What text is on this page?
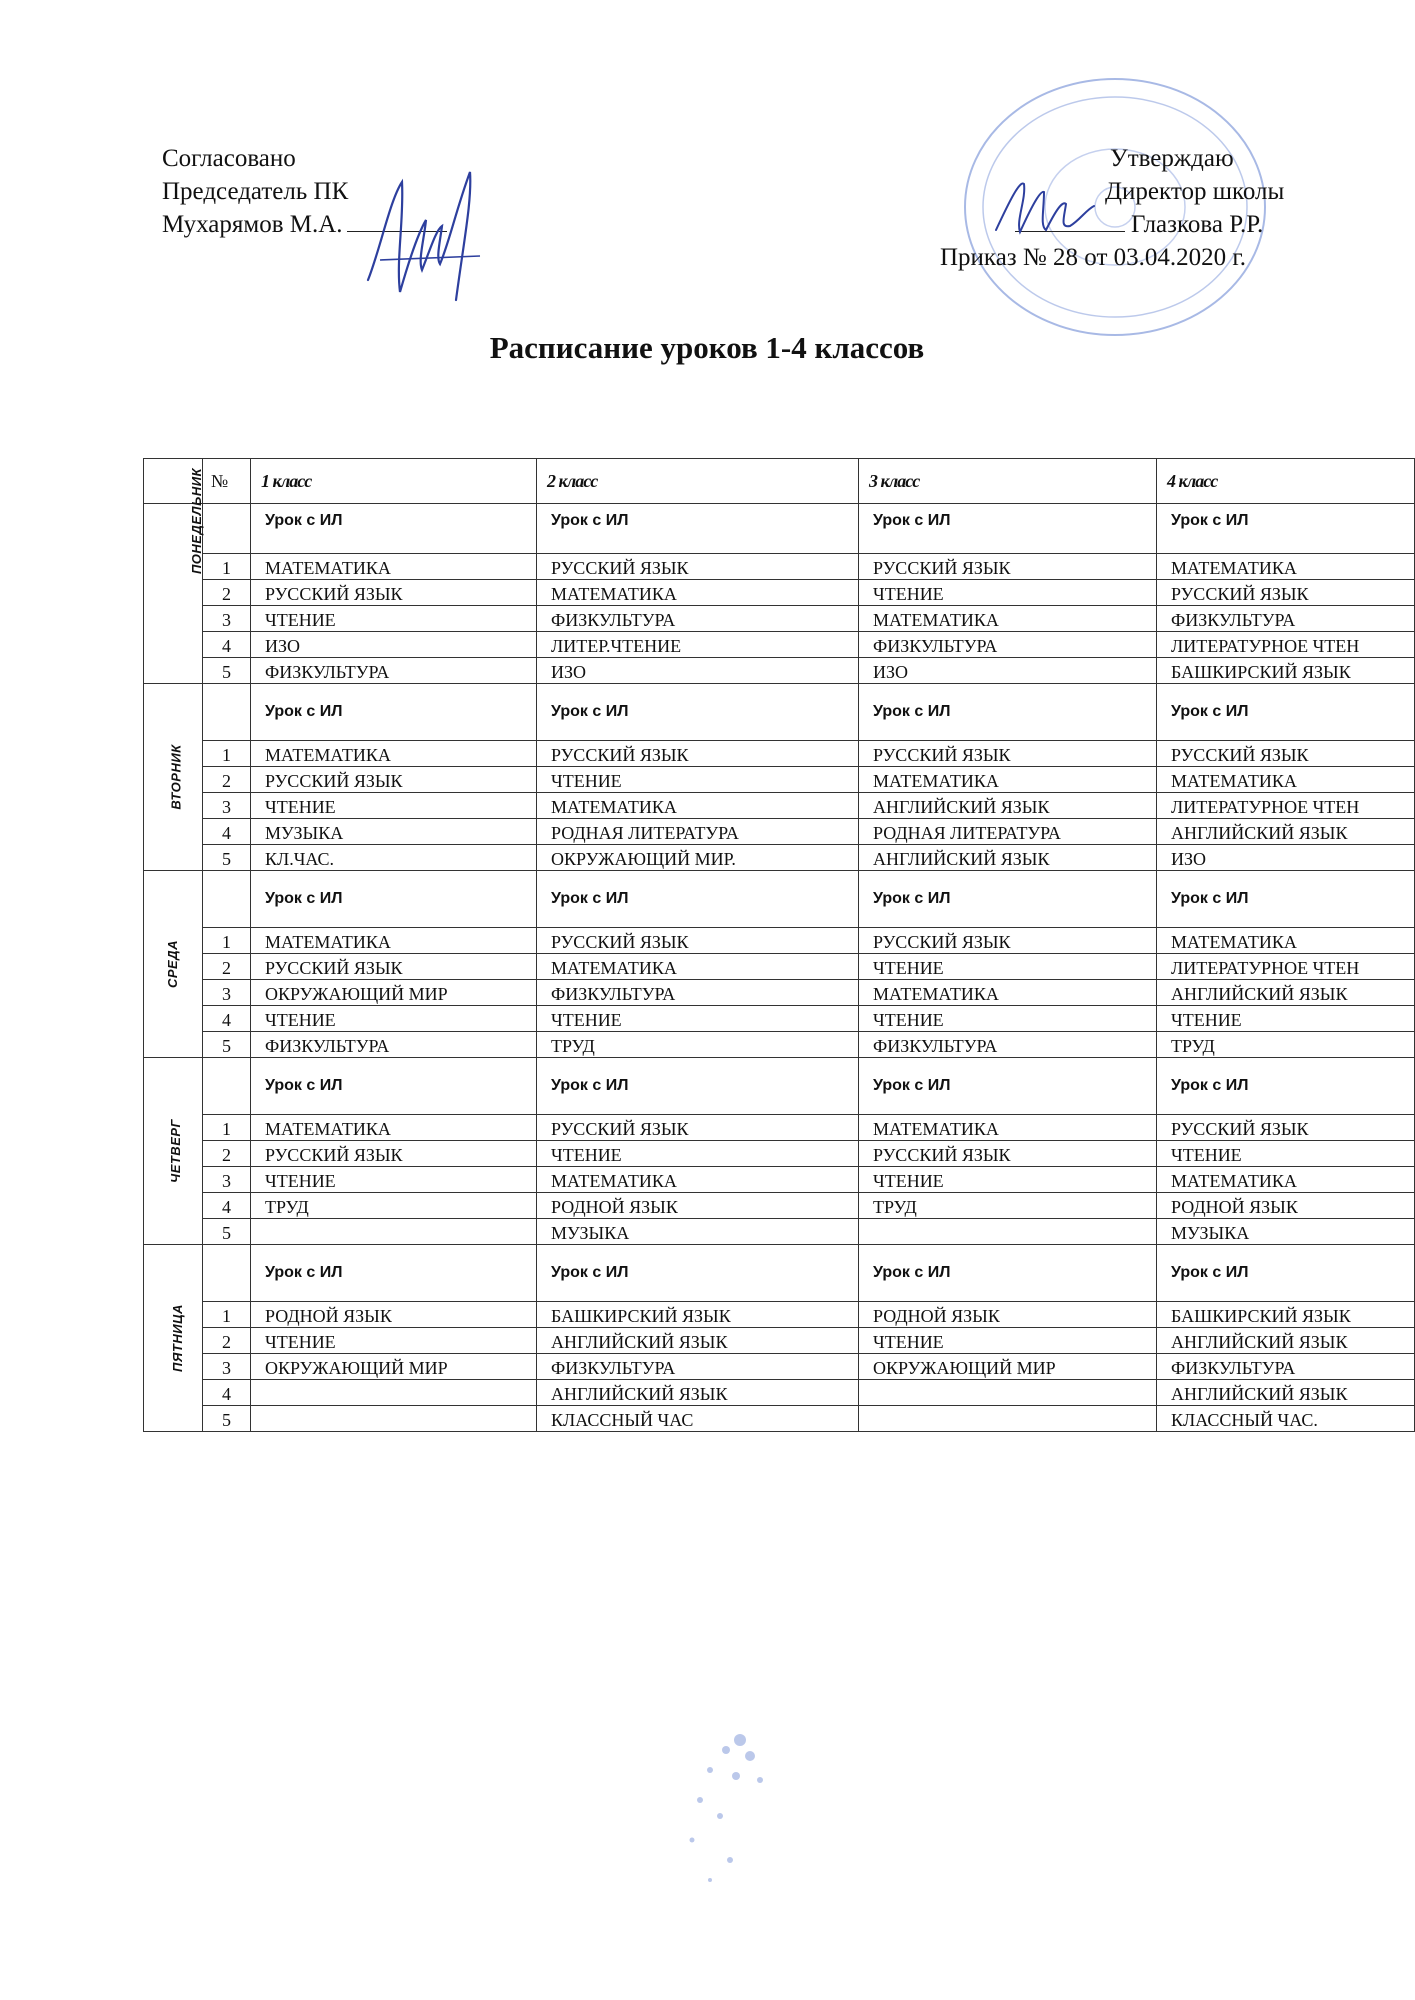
Согласовано
Председатель ПК
Мухарямов М.А.
Утверждаю
Директор школы
Глазкова Р.Р.
Приказ № 28 от 03.04.2020 г.
Расписание уроков 1-4 классов
	№	1 класс	2 класс	3 класс	4 класс
ПОНЕДЕЛЬНИК		Урок с ИЛ	Урок с ИЛ	Урок с ИЛ	Урок с ИЛ
	1	МАТЕМАТИКА	РУССКИЙ ЯЗЫК	РУССКИЙ ЯЗЫК	МАТЕМАТИКА
	2	РУССКИЙ ЯЗЫК	МАТЕМАТИКА	ЧТЕНИЕ	РУССКИЙ ЯЗЫК
	3	ЧТЕНИЕ	ФИЗКУЛЬТУРА	МАТЕМАТИКА	ФИЗКУЛЬТУРА
	4	ИЗО	ЛИТЕР.ЧТЕНИЕ	ФИЗКУЛЬТУРА	ЛИТЕРАТУРНОЕ ЧТЕН
	5	ФИЗКУЛЬТУРА	ИЗО	ИЗО	БАШКИРСКИЙ ЯЗЫК
ВТОРНИК		Урок с ИЛ	Урок с ИЛ	Урок с ИЛ	Урок с ИЛ
	1	МАТЕМАТИКА	РУССКИЙ ЯЗЫК	РУССКИЙ ЯЗЫК	РУССКИЙ ЯЗЫК
	2	РУССКИЙ ЯЗЫК	ЧТЕНИЕ	МАТЕМАТИКА	МАТЕМАТИКА
	3	ЧТЕНИЕ	МАТЕМАТИКА	АНГЛИЙСКИЙ ЯЗЫК	ЛИТЕРАТУРНОЕ ЧТЕН
	4	МУЗЫКА	РОДНАЯ ЛИТЕРАТУРА	РОДНАЯ ЛИТЕРАТУРА	АНГЛИЙСКИЙ ЯЗЫК
	5	КЛ.ЧАС.	ОКРУЖАЮЩИЙ МИР.	АНГЛИЙСКИЙ ЯЗЫК	ИЗО
СРЕДА		Урок с ИЛ	Урок с ИЛ	Урок с ИЛ	Урок с ИЛ
	1	МАТЕМАТИКА	РУССКИЙ ЯЗЫК	РУССКИЙ ЯЗЫК	МАТЕМАТИКА
	2	РУССКИЙ ЯЗЫК	МАТЕМАТИКА	ЧТЕНИЕ	ЛИТЕРАТУРНОЕ ЧТЕН
	3	ОКРУЖАЮЩИЙ МИР	ФИЗКУЛЬТУРА	МАТЕМАТИКА	АНГЛИЙСКИЙ ЯЗЫК
	4	ЧТЕНИЕ	ЧТЕНИЕ	ЧТЕНИЕ	ЧТЕНИЕ
	5	ФИЗКУЛЬТУРА	ТРУД	ФИЗКУЛЬТУРА	ТРУД
ЧЕТВЕРГ		Урок с ИЛ	Урок с ИЛ	Урок с ИЛ	Урок с ИЛ
	1	МАТЕМАТИКА	РУССКИЙ ЯЗЫК	МАТЕМАТИКА	РУССКИЙ ЯЗЫК
	2	РУССКИЙ ЯЗЫК	ЧТЕНИЕ	РУССКИЙ ЯЗЫК	ЧТЕНИЕ
	3	ЧТЕНИЕ	МАТЕМАТИКА	ЧТЕНИЕ	МАТЕМАТИКА
	4	ТРУД	РОДНОЙ ЯЗЫК	ТРУД	РОДНОЙ ЯЗЫК
	5		МУЗЫКА		МУЗЫКА
ПЯТНИЦА		Урок с ИЛ	Урок с ИЛ	Урок с ИЛ	Урок с ИЛ
	1	РОДНОЙ ЯЗЫК	БАШКИРСКИЙ ЯЗЫК	РОДНОЙ ЯЗЫК	БАШКИРСКИЙ ЯЗЫК
	2	ЧТЕНИЕ	АНГЛИЙСКИЙ ЯЗЫК	ЧТЕНИЕ	АНГЛИЙСКИЙ ЯЗЫК
	3	ОКРУЖАЮЩИЙ МИР	ФИЗКУЛЬТУРА	ОКРУЖАЮЩИЙ МИР	ФИЗКУЛЬТУРА
	4		АНГЛИЙСКИЙ ЯЗЫК		АНГЛИЙСКИЙ ЯЗЫК
	5		КЛАССНЫЙ ЧАС		КЛАССНЫЙ ЧАС.
